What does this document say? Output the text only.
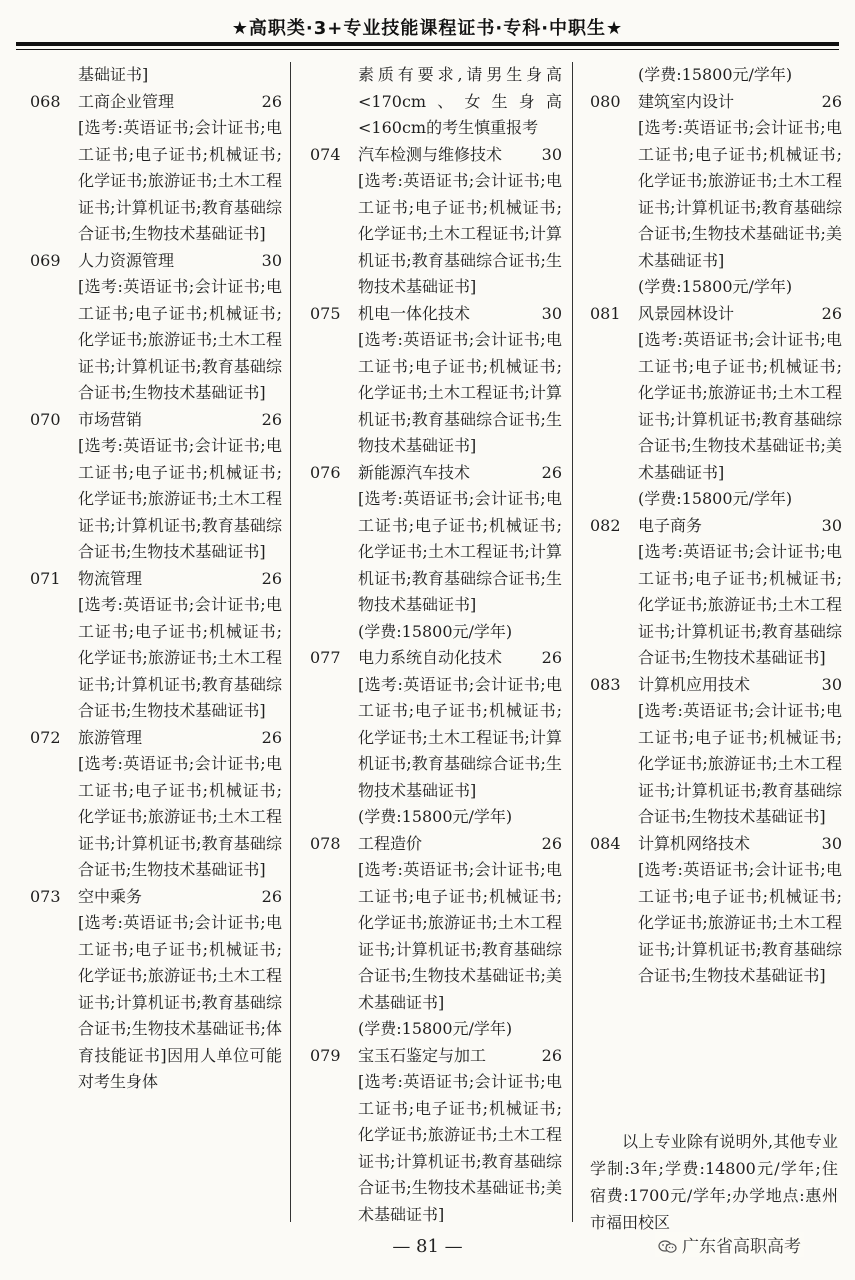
★高职类·3+专业技能课程证书·专科·中职生★
基础证书]
068 工商企业管理	26
[选考:英语证书;会计证书;电工证书;电子证书;机械证书;化学证书;旅游证书;土木工程证书;计算机证书;教育基础综合证书;生物技术基础证书]
069 人力资源管理	30
[选考:英语证书;会计证书;电工证书;电子证书;机械证书;化学证书;旅游证书;土木工程证书;计算机证书;教育基础综合证书;生物技术基础证书]
070 市场营销	26
[选考:英语证书;会计证书;电工证书;电子证书;机械证书;化学证书;旅游证书;土木工程证书;计算机证书;教育基础综合证书;生物技术基础证书]
071 物流管理	26
[选考:英语证书;会计证书;电工证书;电子证书;机械证书;化学证书;旅游证书;土木工程证书;计算机证书;教育基础综合证书;生物技术基础证书]
072 旅游管理	26
[选考:英语证书;会计证书;电工证书;电子证书;机械证书;化学证书;旅游证书;土木工程证书;计算机证书;教育基础综合证书;生物技术基础证书]
073 空中乘务	26
[选考:英语证书;会计证书;电工证书;电子证书;机械证书;化学证书;旅游证书;土木工程证书;计算机证书;教育基础综合证书;生物技术基础证书;体育技能证书]因用人单位可能对考生身体
素质有要求,请男生身高<170cm、女生身高<160cm的考生慎重报考
074 汽车检测与维修技术 30
[选考:英语证书;会计证书;电工证书;电子证书;机械证书;化学证书;土木工程证书;计算机证书;教育基础综合证书;生物技术基础证书]
075 机电一体化技术	30
[选考:英语证书;会计证书;电工证书;电子证书;机械证书;化学证书;土木工程证书;计算机证书;教育基础综合证书;生物技术基础证书]
076 新能源汽车技术	26
[选考:英语证书;会计证书;电工证书;电子证书;机械证书;化学证书;土木工程证书;计算机证书;教育基础综合证书;生物技术基础证书]
(学费:15800元/学年)
077 电力系统自动化技术 26
[选考:英语证书;会计证书;电工证书;电子证书;机械证书;化学证书;土木工程证书;计算机证书;教育基础综合证书;生物技术基础证书]
(学费:15800元/学年)
078 工程造价	26
[选考:英语证书;会计证书;电工证书;电子证书;机械证书;化学证书;旅游证书;土木工程证书;计算机证书;教育基础综合证书;生物技术基础证书;美术基础证书]
(学费:15800元/学年)
079 宝玉石鉴定与加工	26
[选考:英语证书;会计证书;电工证书;电子证书;机械证书;化学证书;旅游证书;土木工程证书;计算机证书;教育基础综合证书;生物技术基础证书;美术基础证书]
(学费:15800元/学年)
080 建筑室内设计	26
[选考:英语证书;会计证书;电工证书;电子证书;机械证书;化学证书;旅游证书;土木工程证书;计算机证书;教育基础综合证书;生物技术基础证书;美术基础证书]
(学费:15800元/学年)
081 风景园林设计	26
[选考:英语证书;会计证书;电工证书;电子证书;机械证书;化学证书;旅游证书;土木工程证书;计算机证书;教育基础综合证书;生物技术基础证书;美术基础证书]
(学费:15800元/学年)
082 电子商务	30
[选考:英语证书;会计证书;电工证书;电子证书;机械证书;化学证书;旅游证书;土木工程证书;计算机证书;教育基础综合证书;生物技术基础证书]
083 计算机应用技术	30
[选考:英语证书;会计证书;电工证书;电子证书;机械证书;化学证书;旅游证书;土木工程证书;计算机证书;教育基础综合证书;生物技术基础证书]
084 计算机网络技术	30
[选考:英语证书;会计证书;电工证书;电子证书;机械证书;化学证书;旅游证书;土木工程证书;计算机证书;教育基础综合证书;生物技术基础证书]
以上专业除有说明外,其他专业学制:3年;学费:14800元/学年;住宿费:1700元/学年;办学地点:惠州市福田校区
— 81 —	广东省高职高考
